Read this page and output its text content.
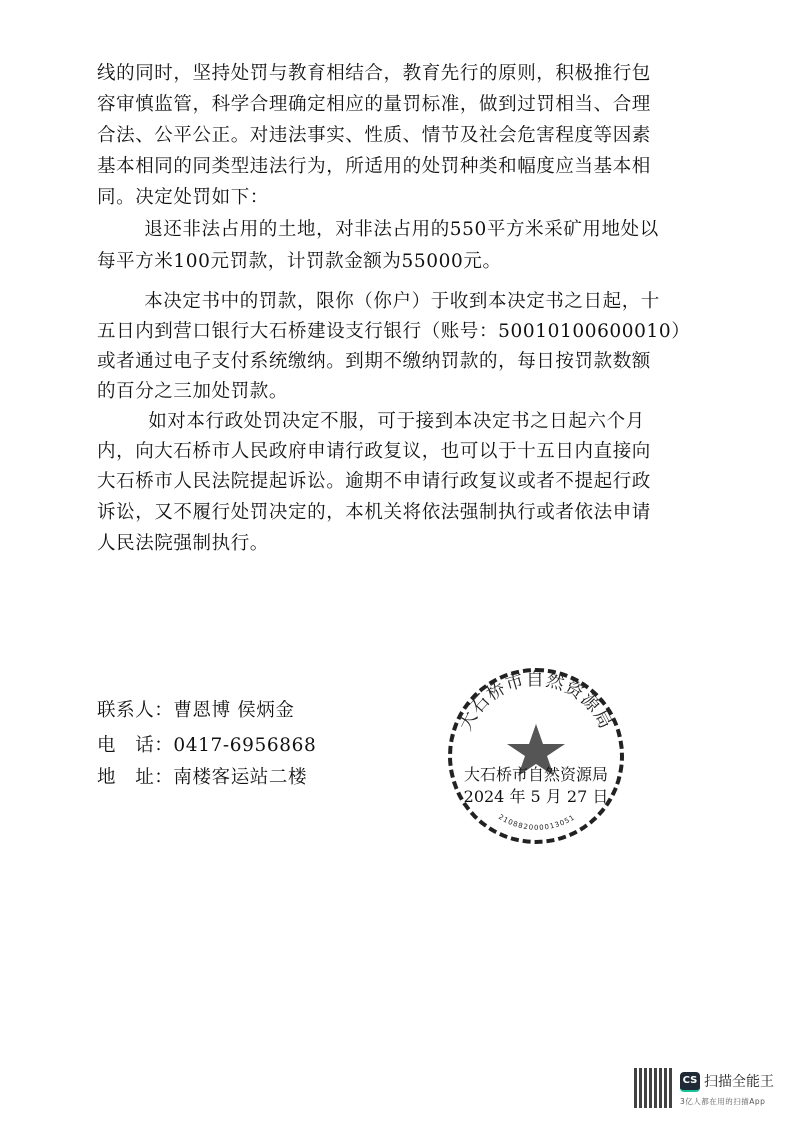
线的同时，坚持处罚与教育相结合，教育先行的原则，积极推行包
容审慎监管，科学合理确定相应的量罚标准，做到过罚相当、合理
合法、公平公正。对违法事实、性质、情节及社会危害程度等因素
基本相同的同类型违法行为，所适用的处罚种类和幅度应当基本相
同。决定处罚如下：
　　退还非法占用的土地，对非法占用的550平方米采矿用地处以
每平方米100元罚款，计罚款金额为55000元。
　　本决定书中的罚款，限你（你户）于收到本决定书之日起，十
五日内到营口银行大石桥建设支行银行（账号：50010100600010）
或者通过电子支付系统缴纳。到期不缴纳罚款的，每日按罚款数额
的百分之三加处罚款。
　　如对本行政处罚决定不服，可于接到本决定书之日起六个月
内，向大石桥市人民政府申请行政复议，也可以于十五日内直接向
大石桥市人民法院提起诉讼。逾期不申请行政复议或者不提起行政
诉讼，又不履行处罚决定的，本机关将依法强制执行或者依法申请
人民法院强制执行。
联系人：曹恩博 侯炳金
电　话：0417-6956868
地　址：南楼客运站二楼
大石桥市自然资源局
大石桥市自然资源局
2024 年 5 月 27 日
210882000013051
CS 扫描全能王
3亿人都在用的扫描App
